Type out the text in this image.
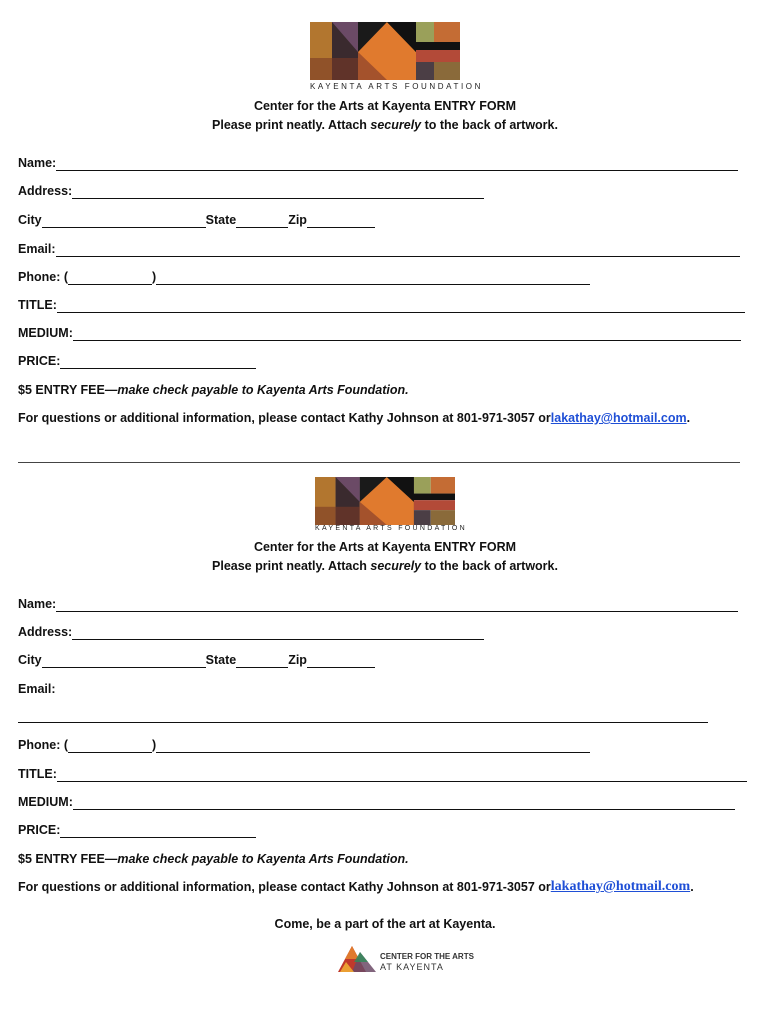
KAYENTA ARTS FOUNDATION
Center for the Arts at Kayenta ENTRY FORM
Please print neatly. Attach securely to the back of artwork.
Name:
Address:
City	State	Zip
Email:
Phone: (	)
TITLE:
MEDIUM:
PRICE:
$5 ENTRY FEE— make check payable to Kayenta Arts Foundation.
For questions or additional information, please contact Kathy Johnson at 801-971-3057 or lakathay@hotmail.com .
KAYENTA ARTS FOUNDATION
Center for the Arts at Kayenta ENTRY FORM
Please print neatly. Attach securely to the back of artwork.
Name:
Address:
City	State	Zip
Email:
Phone: (	)
TITLE:
MEDIUM:
PRICE:
$5 ENTRY FEE— make check payable to Kayenta Arts Foundation.
For questions or additional information, please contact Kathy Johnson at 801-971-3057 or lakathay@hotmail.com .
Come, be a part of the art at Kayenta.
CENTER FOR THE ARTS
AT KAYENTA
